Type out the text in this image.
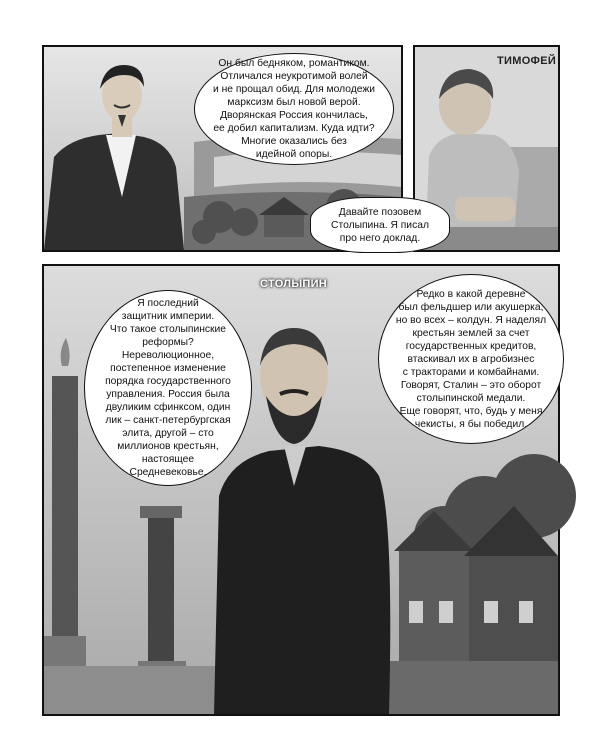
Он был бедняком, романтиком.
Отличался неукротимой волей
и не прощал обид. Для молодежи
марксизм был новой верой.
Дворянская Россия кончилась,
ее добил капитализм. Куда идти?
Многие оказались без
идейной опоры.
ТИМОФЕЙ
Давайте позовем
Столыпина. Я писал
про него доклад.
СТОЛЫПИН
Я последний
защитник империи.
Что такое столыпинские
реформы?
Нереволюционное,
постепенное изменение
порядка государственного
управления. Россия была
двуликим сфинксом, один
лик – санкт-петербургская
элита, другой – сто
миллионов крестьян,
настоящее
Средневековье.
Редко в какой деревне
был фельдшер или акушерка,
но во всех – колдун. Я наделял
крестьян землей за счет
государственных кредитов,
втаскивал их в агробизнес
с тракторами и комбайнами.
Говорят, Сталин – это оборот
столыпинской медали.
Еще говорят, что, будь у меня
чекисты, я бы победил.
